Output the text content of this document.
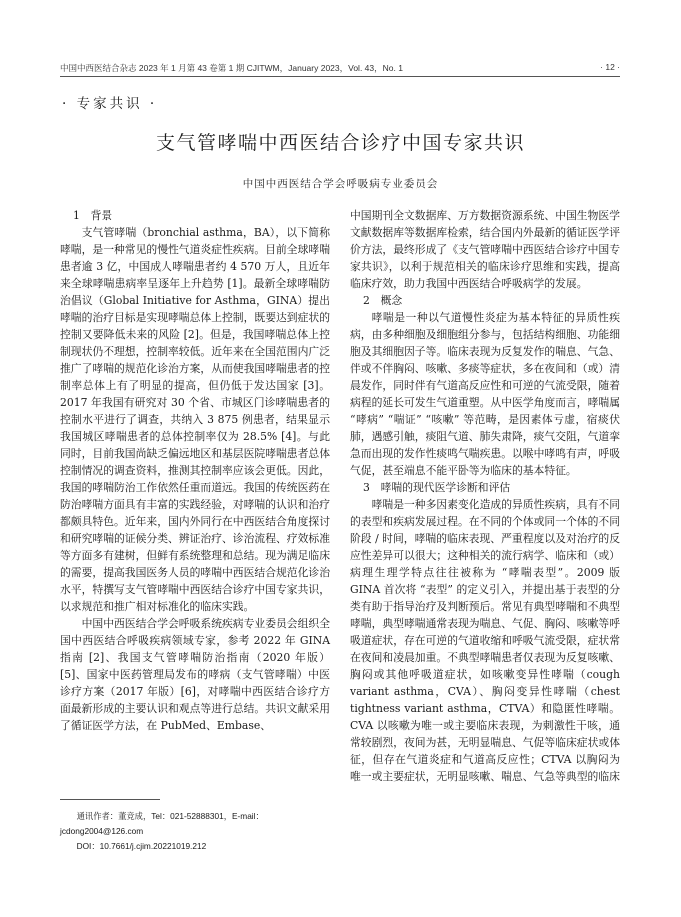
中国中西医结合杂志 2023 年 1 月第 43 卷第 1 期 CJITWM，January 2023，Vol. 43，No. 1	· 12 ·
· 专家共识 ·
支气管哮喘中西医结合诊疗中国专家共识
中国中西医结合学会呼吸病专业委员会

1　背景

支气管哮喘（bronchial asthma，BA），以下简称哮喘，是一种常见的慢性气道炎症性疾病。目前全球哮喘患者逾 3 亿，中国成人哮喘患者约 4 570 万人，且近年来全球哮喘患病率呈逐年上升趋势 [1]。最新全球哮喘防治倡议（Global Initiative for Asthma，GINA）提出哮喘的治疗目标是实现哮喘总体上控制，既要达到症状的控制又要降低未来的风险 [2]。但是，我国哮喘总体上控制现状仍不理想，控制率较低。近年来在全国范围内广泛推广了哮喘的规范化诊治方案，从而使我国哮喘患者的控制率总体上有了明显的提高，但仍低于发达国家 [3]。2017 年我国有研究对 30 个省、市城区门诊哮喘患者的控制水平进行了调查，共纳入 3 875 例患者，结果显示我国城区哮喘患者的总体控制率仅为 28.5% [4]。与此同时，目前我国尚缺乏偏远地区和基层医院哮喘患者总体控制情况的调查资料，推测其控制率应该会更低。因此，我国的哮喘防治工作依然任重而道远。我国的传统医药在防治哮喘方面具有丰富的实践经验，对哮喘的认识和治疗都颇具特色。近年来，国内外同行在中西医结合角度探讨和研究哮喘的证候分类、辨证治疗、诊治流程、疗效标准等方面多有建树，但鲜有系统整理和总结。现为满足临床的需要，提高我国医务人员的哮喘中西医结合规范化诊治水平，特撰写支气管哮喘中西医结合诊疗中国专家共识，以求规范和推广相对标准化的临床实践。

中国中西医结合学会呼吸系统疾病专业委员会组织全国中西医结合呼吸疾病领域专家，参考 2022 年 GINA 指南 [2]、我国支气管哮喘防治指南（2020 年版）[5]、国家中医药管理局发布的哮病（支气管哮喘）中医诊疗方案（2017 年版）[6]，对哮喘中西医结合诊疗方面最新形成的主要认识和观点等进行总结。共识文献采用了循证医学方法，在 PubMed、Embase、

中国期刊全文数据库、万方数据资源系统、中国生物医学文献数据库等数据库检索，结合国内外最新的循证医学评价方法，最终形成了《支气管哮喘中西医结合诊疗中国专家共识》，以利于规范相关的临床诊疗思维和实践，提高临床疗效，助力我国中西医结合呼吸病学的发展。

2　概念

哮喘是一种以气道慢性炎症为基本特征的异质性疾病，由多种细胞及细胞组分参与，包括结构细胞、功能细胞及其细胞因子等。临床表现为反复发作的喘息、气急、伴或不伴胸闷、咳嗽、多痰等症状，多在夜间和（或）清晨发作，同时伴有气道高反应性和可逆的气流受限，随着病程的延长可发生气道重塑。从中医学角度而言，哮喘属 “哮病” “喘证” “咳嗽” 等范畴，是因素体亏虚，宿痰伏肺，遇感引触，痰阻气道、肺失肃降，痰气交阻，气道挛急而出现的发作性痰鸣气喘疾患。以喉中哮鸣有声，呼吸气促，甚至端息不能平卧等为临床的基本特征。

3　哮喘的现代医学诊断和评估

哮喘是一种多因素变化造成的异质性疾病，具有不同的表型和疾病发展过程。在不同的个体或同一个体的不同阶段 / 时间，哮喘的临床表现、严重程度以及对治疗的反应性差异可以很大；这种相关的流行病学、临床和（或）病理生理学特点往往被称为 “哮喘表型”。2009 版 GINA 首次将 “表型” 的定义引入，并提出基于表型的分类有助于指导治疗及判断预后。常见有典型哮喘和不典型哮喘，典型哮喘通常表现为喘息、气促、胸闷、咳嗽等呼吸道症状，存在可逆的气道收缩和呼吸气流受限，症状常在夜间和凌晨加重。不典型哮喘患者仅表现为反复咳嗽、胸闷或其他呼吸道症状，如咳嗽变异性哮喘（cough variant asthma，CVA）、胸闷变异性哮喘（chest tightness variant asthma，CTVA）和隐匿性哮喘。CVA 以咳嗽为唯一或主要临床表现，为刺激性干咳，通常较剧烈，夜间为甚，无明显喘息、气促等临床症状或体征，但存在气道炎症和气道高反应性；CTVA 以胸闷为唯一或主要症状，无明显咳嗽、喘息、气急等典型的临床

通讯作者：董竞成，Tel：021-52888301，E-mail：jcdong2004@126.com
DOI：10.7661/j.cjim.20221019.212
